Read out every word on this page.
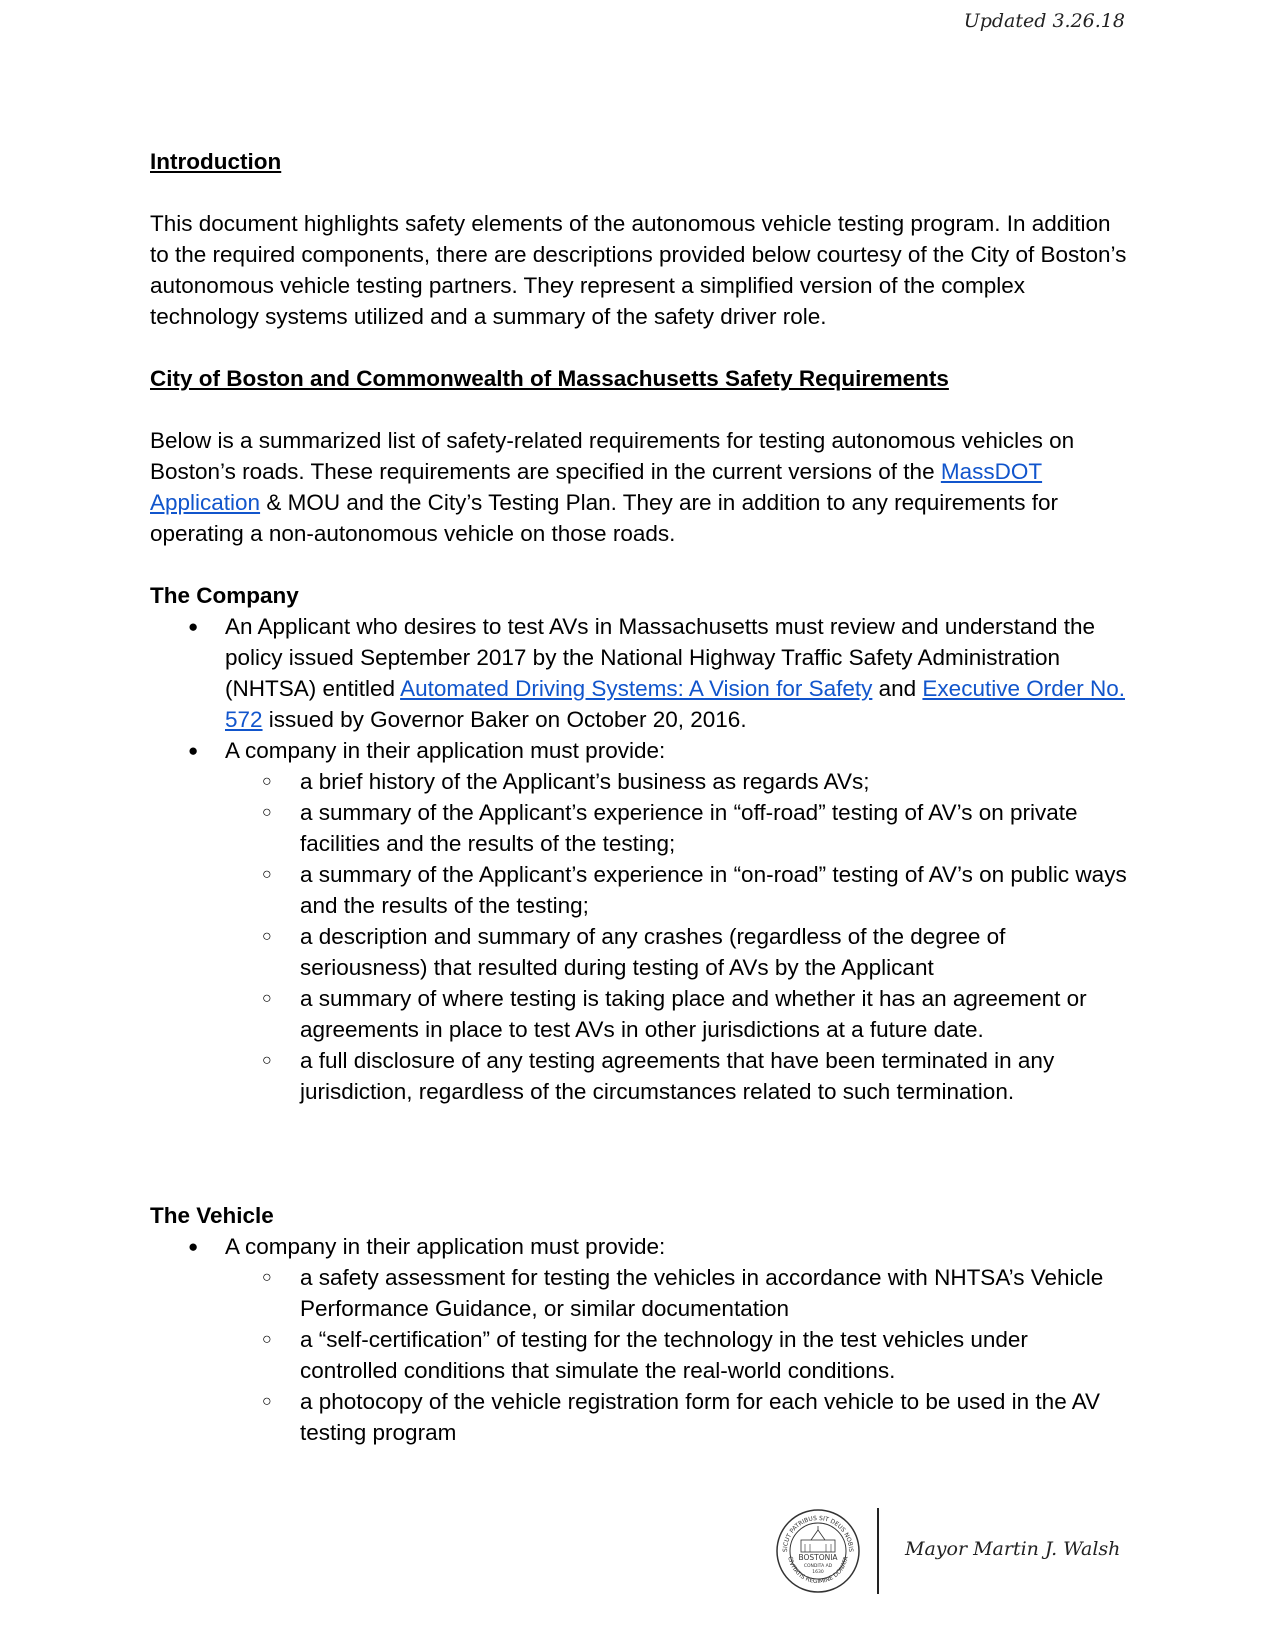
Updated 3.26.18

Introduction

This document highlights safety elements of the autonomous vehicle testing program. In addition to the required components, there are descriptions provided below courtesy of the City of Boston’s autonomous vehicle testing partners. They represent a simplified version of the complex technology systems utilized and a summary of the safety driver role.

City of Boston and Commonwealth of Massachusetts Safety Requirements

Below is a summarized list of safety-related requirements for testing autonomous vehicles on Boston’s roads. These requirements are specified in the current versions of the MassDOT Application & MOU and the City’s Testing Plan. They are in addition to any requirements for operating a non-autonomous vehicle on those roads.

The Company

● An Applicant who desires to test AVs in Massachusetts must review and understand the policy issued September 2017 by the National Highway Traffic Safety Administration (NHTSA) entitled Automated Driving Systems: A Vision for Safety and Executive Order No. 572 issued by Governor Baker on October 20, 2016.
● A company in their application must provide:
○ a brief history of the Applicant’s business as regards AVs;
○ a summary of the Applicant’s experience in “off-road” testing of AV’s on private facilities and the results of the testing;
○ a summary of the Applicant’s experience in “on-road” testing of AV’s on public ways and the results of the testing;
○ a description and summary of any crashes (regardless of the degree of seriousness) that resulted during testing of AVs by the Applicant
○ a summary of where testing is taking place and whether it has an agreement or agreements in place to test AVs in other jurisdictions at a future date.
○ a full disclosure of any testing agreements that have been terminated in any jurisdiction, regardless of the circumstances related to such termination.

The Vehicle

● A company in their application must provide:
○ a safety assessment for testing the vehicles in accordance with NHTSA’s Vehicle Performance Guidance, or similar documentation
○ a “self-certification” of testing for the technology in the test vehicles under controlled conditions that simulate the real-world conditions.
○ a photocopy of the vehicle registration form for each vehicle to be used in the AV testing program
SICUT PATRIBUS SIT DEUS NOBIS
CIVITATIS REGIMINE DONATA
BOSTONIA
CONDITA AD
1630
Mayor Martin J. Walsh
